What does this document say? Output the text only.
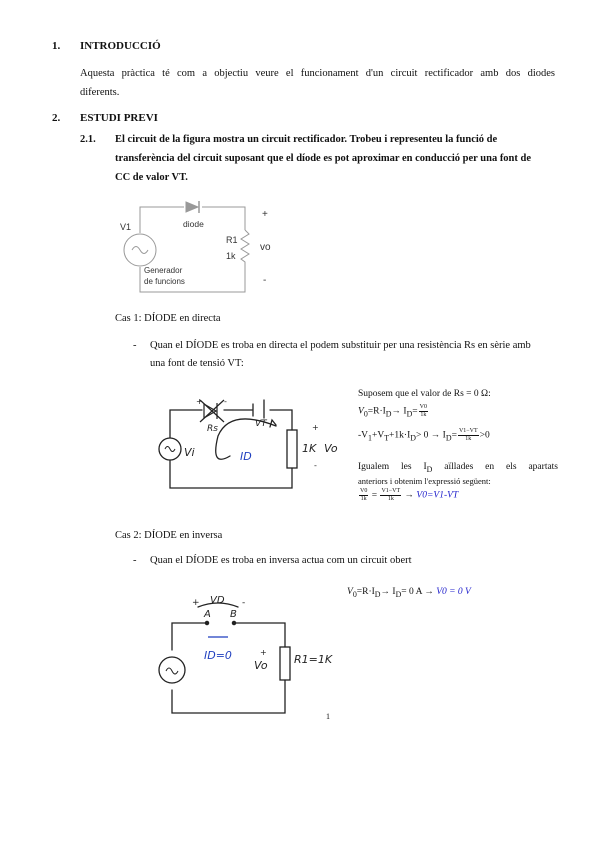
1. INTRODUCCIÓ
Aquesta pràctica té com a objectiu veure el funcionament d'un circuit rectificador amb dos diodes
diferents.
2. ESTUDI PREVI
2.1. El circuit de la figura mostra un circuit rectificador. Trobeu i representeu la funció de
transferència del circuit suposant que el díode es pot aproximar en conducció per una font de
CC de valor VT.
V1	diode
+
R1
1k
vo
-
Generador
de funcions
Cas 1: DÍODE en directa
- Quan el DÍODE es troba en directa el podem substituir per una resistència Rs en sèrie amb
una font de tensió VT:
+	-
Rs	VT
Vi	ID
1K Vo
+
-
Suposem que el valor de Rs = 0 Ω:
$V_0=R\cdot I_D\to I_D= \frac{V0}{1k}$
$-V_1+V_T+1k\cdot I_D> 0 \to I_D= \frac{V1-VT}{1k} >0$
Igualem les $I_D$ aïllades en els apartats
anteriors i obtenim l'expressió següent:
$\frac{V0}{1k} = \frac{V1-VT}{1k} \to V0=V1-VT$
Cas 2: DÍODE en inversa
- Quan el DÍODE es troba en inversa actua com un circuit obert
$V_0=R\cdot I_D\to I_D= 0$ A → V0 = 0 V
+ VD -
A B
ID=0	+
Vo R1=1K
1
